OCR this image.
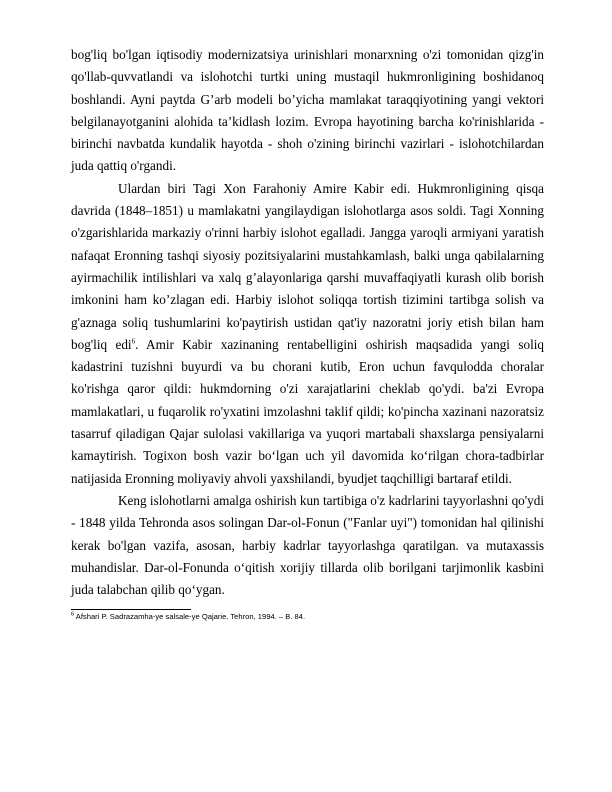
bog'liq bo'lgan iqtisodiy modernizatsiya urinishlari monarxning o'zi tomonidan qizg'in qo'llab-quvvatlandi va islohotchi turtki uning mustaqil hukmronligining boshidanoq boshlandi. Ayni paytda G’arb modeli bo’yicha mamlakat taraqqiyotining yangi vektori belgilanayotganini alohida ta’kidlash lozim. Evropa hayotining barcha ko'rinishlarida - birinchi navbatda kundalik hayotda - shoh o'zining birinchi vazirlari - islohotchilardan juda qattiq o'rgandi.

Ulardan biri Tagi Xon Farahoniy Amire Kabir edi. Hukmronligining qisqa davrida (1848–1851) u mamlakatni yangilaydigan islohotlarga asos soldi. Tagi Xonning o'zgarishlarida markaziy o'rinni harbiy islohot egalladi. Jangga yaroqli armiyani yaratish nafaqat Eronning tashqi siyosiy pozitsiyalarini mustahkamlash, balki unga qabilalarning ayirmachilik intilishlari va xalq g’alayonlariga qarshi muvaffaqiyatli kurash olib borish imkonini ham ko’zlagan edi. Harbiy islohot soliqqa tortish tizimini tartibga solish va g'aznaga soliq tushumlarini ko'paytirish ustidan qat'iy nazoratni joriy etish bilan ham bog'liq edi$^6$. Amir Kabir xazinaning rentabelligini oshirish maqsadida yangi soliq kadastrini tuzishni buyurdi va bu chorani kutib, Eron uchun favqulodda choralar ko'rishga qaror qildi: hukmdorning o'zi xarajatlarini cheklab qo'ydi. ba'zi Evropa mamlakatlari, u fuqarolik ro'yxatini imzolashni taklif qildi; ko'pincha xazinani nazoratsiz tasarruf qiladigan Qajar sulolasi vakillariga va yuqori martabali shaxslarga pensiyalarni kamaytirish. Togixon bosh vazir bo‘lgan uch yil davomida ko‘rilgan chora-tadbirlar natijasida Eronning moliyaviy ahvoli yaxshilandi, byudjet taqchilligi bartaraf etildi.

Keng islohotlarni amalga oshirish kun tartibiga o'z kadrlarini tayyorlashni qo'ydi - 1848 yilda Tehronda asos solingan Dar-ol-Fonun ("Fanlar uyi") tomonidan hal qilinishi kerak bo'lgan vazifa, asosan, harbiy kadrlar tayyorlashga qaratilgan. va mutaxassis muhandislar. Dar-ol-Fonunda o‘qitish xorijiy tillarda olib borilgani tarjimonlik kasbini juda talabchan qilib qo‘ygan.

$^6$ Afshari P. Sadrazamha-ye salsale-ye Qajarie. Tehron, 1994. – B. 84.
